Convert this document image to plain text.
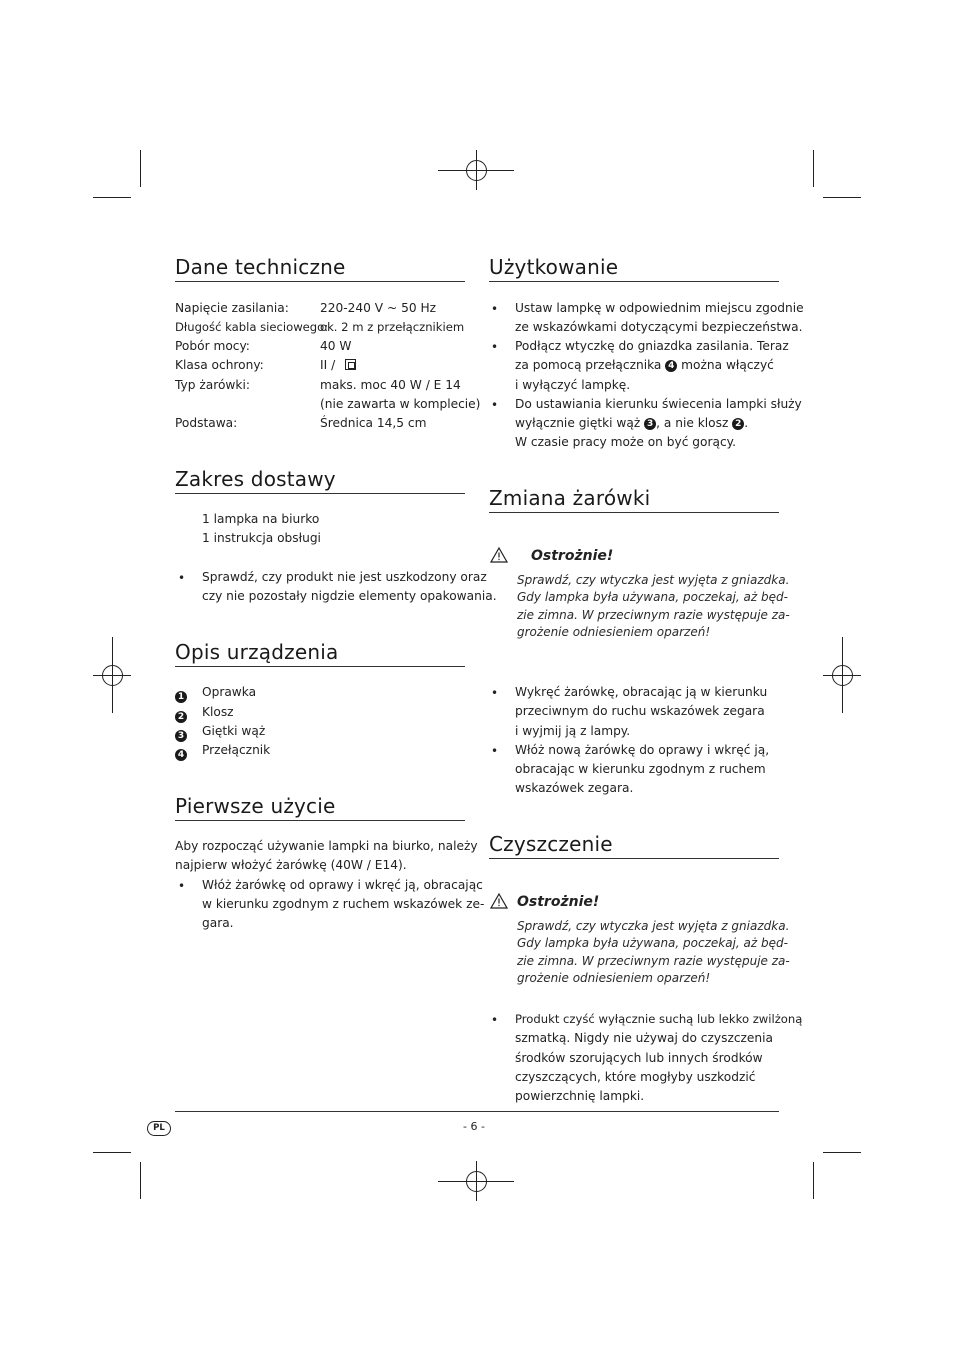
Dane techniczne
Napięcie zasilania:	220-240 V ~ 50 Hz
Długość kabla sieciowego:
ok. 2 m z przełącznikiem
Pobór mocy:	40 W
Klasa ochrony:	II /
Typ żarówki:	maks. moc 40 W / E 14
(nie zawarta w komplecie)
Podstawa:	Średnica 14,5 cm
Zakres dostawy
1 lampka na biurko
1 instrukcja obsługi
• Sprawdź, czy produkt nie jest uszkodzony oraz
czy nie pozostały nigdzie elementy opakowania.
Opis urządzenia
1 Oprawka
2 Klosz
3 Giętki wąż
4 Przełącznik
Pierwsze użycie
Aby rozpocząć używanie lampki na biurko, należy
najpierw włożyć żarówkę (40W / E14).
• Włóż żarówkę od oprawy i wkręć ją, obracając
w kierunku zgodnym z ruchem wskazówek ze-
gara.
Użytkowanie
• Ustaw lampkę w odpowiednim miejscu zgodnie
ze wskazówkami dotyczącymi bezpieczeństwa.
• Podłącz wtyczkę do gniazdka zasilania. Teraz
za pomocą przełącznika 4 można włączyć
i wyłączyć lampkę.
• Do ustawiania kierunku świecenia lampki służy
wyłącznie giętki wąż 3 , a nie klosz 2 .
W czasie pracy może on być gorący.
Zmiana żarówki
Ostrożnie!
Sprawdź, czy wtyczka jest wyjęta z gniazdka.
Gdy lampka była używana, poczekaj, aż będ-
zie zimna. W przeciwnym razie występuje za-
grożenie odniesieniem oparzeń!
• Wykręć żarówkę, obracając ją w kierunku
przeciwnym do ruchu wskazówek zegara
i wyjmij ją z lampy.
• Włóż nową żarówkę do oprawy i wkręć ją,
obracając w kierunku zgodnym z ruchem
wskazówek zegara.
Czyszczenie
Ostrożnie!
Sprawdź, czy wtyczka jest wyjęta z gniazdka.
Gdy lampka była używana, poczekaj, aż będ-
zie zimna. W przeciwnym razie występuje za-
grożenie odniesieniem oparzeń!
• Produkt czyść wyłącznie suchą lub lekko zwilżoną
szmatką. Nigdy nie używaj do czyszczenia
środków szorujących lub innych środków
czyszczących, które mogłyby uszkodzić
powierzchnię lampki.
PL	- 6 -
